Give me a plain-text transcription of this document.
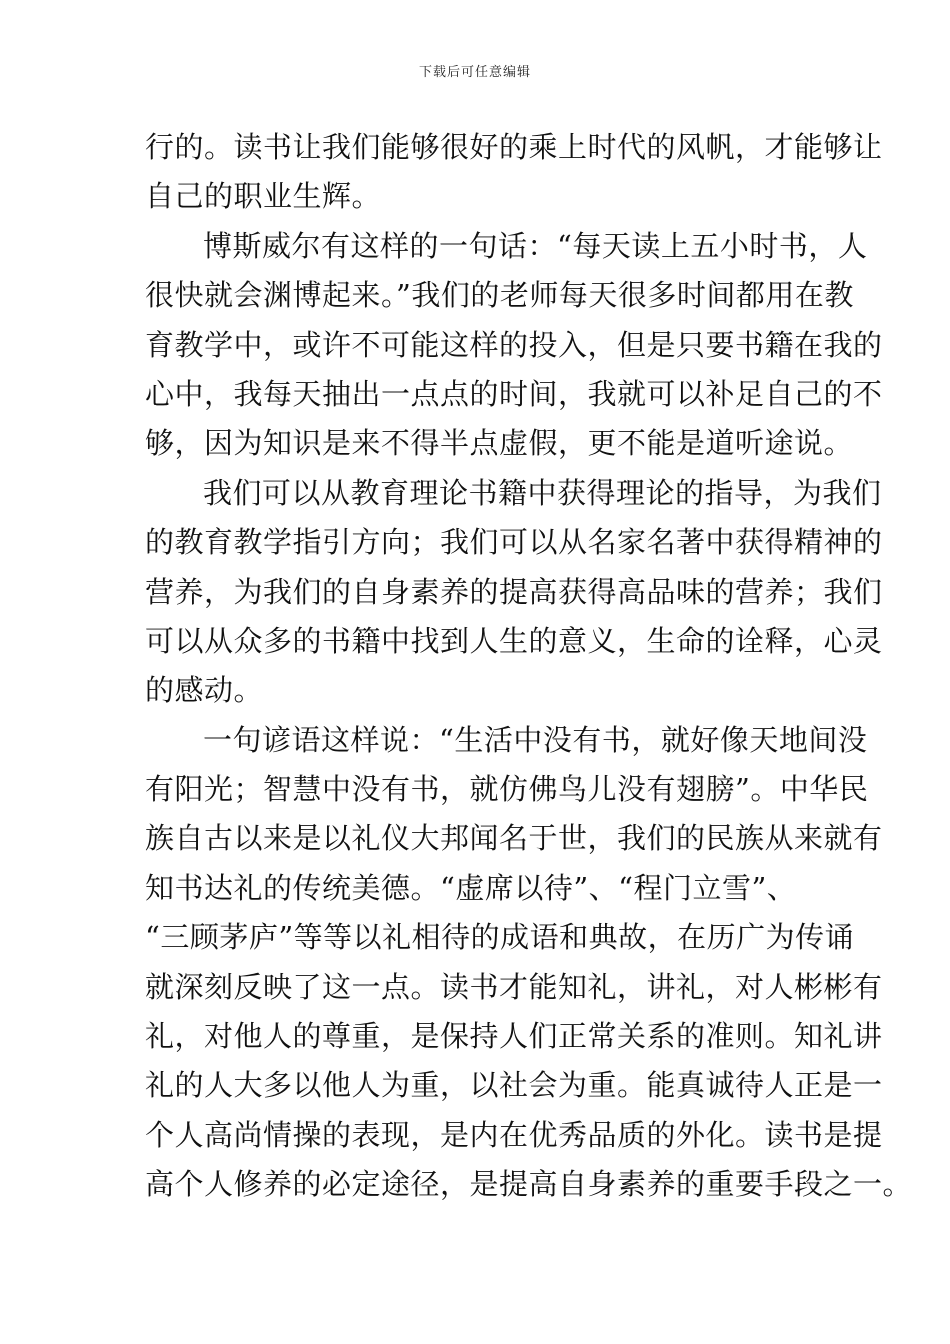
下载后可任意编辑
行的。读书让我们能够很好的乘上时代的风帆，才能够让
自己的职业生辉。
博斯威尔有这样的一句话：“每天读上五小时书，人
很快就会渊博起来。”我们的老师每天很多时间都用在教
育教学中，或许不可能这样的投入，但是只要书籍在我的
心中，我每天抽出一点点的时间，我就可以补足自己的不
够，因为知识是来不得半点虚假，更不能是道听途说。
我们可以从教育理论书籍中获得理论的指导，为我们
的教育教学指引方向；我们可以从名家名著中获得精神的
营养，为我们的自身素养的提高获得高品味的营养；我们
可以从众多的书籍中找到人生的意义，生命的诠释，心灵
的感动。
一句谚语这样说：“生活中没有书，就好像天地间没
有阳光；智慧中没有书，就仿佛鸟儿没有翅膀”。中华民
族自古以来是以礼仪大邦闻名于世，我们的民族从来就有
知书达礼的传统美德。“虚席以待”、“程门立雪”、
“三顾茅庐”等等以礼相待的成语和典故，在历广为传诵
就深刻反映了这一点。读书才能知礼，讲礼，对人彬彬有
礼，对他人的尊重，是保持人们正常关系的准则。知礼讲
礼的人大多以他人为重，以社会为重。能真诚待人正是一
个人高尚情操的表现，是内在优秀品质的外化。读书是提
高个人修养的必定途径，是提高自身素养的重要手段之一。
